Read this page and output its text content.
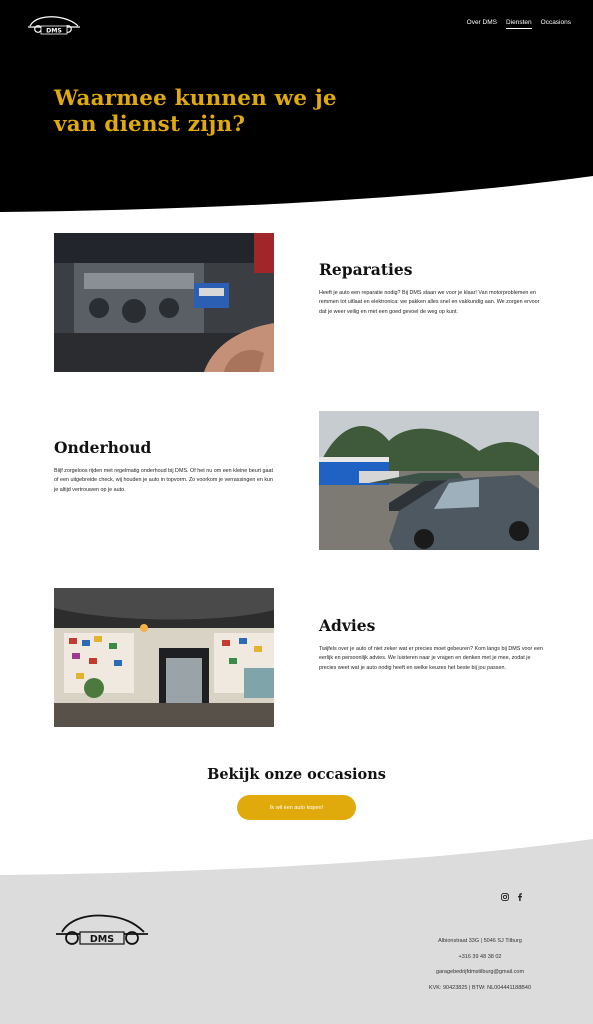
DMS
Over DMS Diensten Occasions
Waarmee kunnen we je
van dienst zijn?
Reparaties

Heeft je auto een reparatie nodig? Bij DMS staan we voor je klaar! Van motorproblemen en remmen tot uitlaat en elektronica: we pakken alles snel en vakkundig aan. We zorgen ervoor dat je weer veilig en met een goed gevoel de weg op kunt.

Onderhoud

Blijf zorgeloos rijden met regelmatig onderhoud bij DMS. Of het nu om een kleine beurt gaat of een uitgebreide check, wij houden je auto in topvorm. Zo voorkom je verrassingen en kun je altijd vertrouwen op je auto.

Advies

Twijfels over je auto of niet zeker wat er precies moet gebeuren? Kom langs bij DMS voor een eerlijk en persoonlijk advies. We luisteren naar je vragen en denken met je mee, zodat je precies weet wat je auto nodig heeft en welke keuzes het beste bij jou passen.

Bekijk onze occasions
Ik wil een auto kopen!
DMS	Albionstraat 33G | 5046 SJ Tilburg

+316 39 48 38 02

garagebedrijfdmstilburg@gmail.com

KVK: 90423825 | BTW: NL004441188B40
